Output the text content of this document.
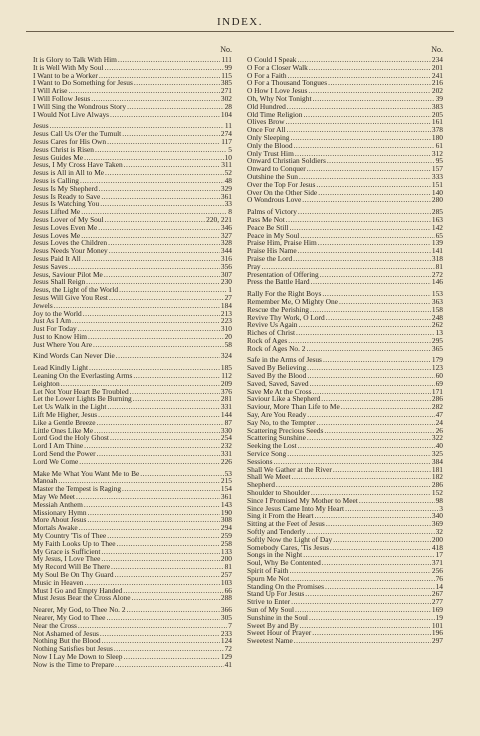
INDEX.
No.
It is Glory to Talk With Him .....	111
It is Well With My Soul .....	99
I Want to be a Worker .....	115
I Want to Do Something for Jesus .....	385
I Will Arise .....	271
I Will Follow Jesus .....	302
I Will Sing the Wondrous Story .....	28
I Would Not Live Always .....	104
Jesus .....	11
Jesus Call Us O'er the Tumult .....	274
Jesus Cares for His Own .....	117
Jesus Christ is Risen .....	5
Jesus Guides Me .....	10
Jesus, I My Cross Have Taken .....	311
Jesus is All in All to Me .....	52
Jesus is Calling .....	48
Jesus Is My Shepherd .....	329
Jesus Is Ready to Save .....	361
Jesus Is Watching You .....	33
Jesus Lifted Me .....	8
Jesus Lover of My Soul .....	220, 221
Jesus Loves Even Me .....	346
Jesus Loves Me .....	327
Jesus Loves the Children .....	328
Jesus Needs Your Money .....	344
Jesus Paid It All .....	316
Jesus Saves .....	356
Jesus, Saviour Pilot Me .....	307
Jesus Shall Reign .....	230
Jesus, the Light of the World .....	1
Jesus Will Give You Rest .....	27
Jewels .....	184
Joy to the World .....	213
Just As I Am .....	223
Just For Today .....	310
Just to Know Him .....	20
Just Where You Are .....	58
Kind Words Can Never Die .....	324
Lead Kindly Light .....	185
Leaning On the Everlasting Arms .....	112
Leighton .....	209
Let Not Your Heart Be Troubled .....	376
Let the Lower Lights Be Burning .....	281
Let Us Walk in the Light .....	331
Lift Me Higher, Jesus .....	144
Like a Gentle Breeze .....	87
Little Ones Like Me .....	330
Lord God the Holy Ghost .....	254
Lord I Am Thine .....	232
Lord Send the Power .....	331
Lord We Come .....	226
Make Me What You Want Me to Be .....	53
Manoah .....	215
Master the Tempest is Raging .....	154
May We Meet .....	361
Messiah Anthem .....	143
Missionary Hymn .....	190
More About Jesus .....	308
Mortals Awake .....	294
My Country 'Tis of Thee .....	259
My Faith Looks Up to Thee .....	258
My Grace is Sufficient .....	133
My Jesus, I Love Thee .....	200
My Record Will Be There .....	81
My Soul Be On Thy Guard .....	257
Music in Heaven .....	103
Must I Go and Empty Handed .....	66
Must Jesus Bear the Cross Alone .....	288
Nearer, My God, to Thee No. 2 .....	366
Nearer, My God to Thee .....	305
Near the Cross .....	7
Not Ashamed of Jesus .....	233
Nothing But the Blood .....	124
Nothing Satisfies but Jesus .....	72
Now I Lay Me Down to Sleep .....	129
Now is the Time to Prepare .....	41
No.
O Could I Speak .....	234
O For a Closer Walk .....	201
O For a Faith .....	241
O For a Thousand Tongues .....	216
O How I Love Jesus .....	202
Oh, Why Not Tonight .....	39
Old Hundred .....	383
Old Time Religion .....	205
Olives Brow .....	161
Once For All .....	378
Only Sleeping .....	180
Only the Blood .....	61
Only Trust Him .....	312
Onward Christian Soldiers .....	95
Onward to Conquer .....	157
Outshine the Sun .....	333
Over the Top For Jesus .....	151
Over On the Other Side .....	140
O Wondrous Love .....	280
Palms of Victory .....	285
Pass Me Not .....	163
Peace Be Still .....	142
Peace in My Soul .....	65
Praise Him, Praise Him .....	139
Praise His Name .....	141
Praise the Lord .....	318
Pray .....	81
Presentation of Offering .....	272
Press the Battle Hard .....	146
Rally For the Right Boys .....	153
Remember Me, O Mighty One .....	363
Rescue the Perishing .....	158
Revive Thy Work, O Lord .....	248
Revive Us Again .....	262
Riches of Christ .....	13
Rock of Ages .....	295
Rock of Ages No. 2 .....	365
Safe in the Arms of Jesus .....	179
Saved By Believing .....	123
Saved By the Blood .....	60
Saved, Saved, Saved .....	69
Save Me At the Cross .....	171
Saviour Like a Shepherd .....	286
Saviour, More Than Life to Me .....	282
Say, Are You Ready .....	47
Say No, to the Tempter .....	24
Scattering Precious Seeds .....	26
Scattering Sunshine .....	322
Seeking the Lost .....	40
Service Song .....	325
Sessions .....	384
Shall We Gather at the River .....	181
Shall We Meet .....	182
Shepherd .....	286
Shoulder to Shoulder .....	152
Since I Promised My Mother to Meet .....	98
Since Jesus Came Into My Heart .....	3
Sing it From the Heart .....	340
Sitting at the Feet of Jesus .....	369
Softly and Tenderly .....	32
Softly Now the Light of Day .....	200
Somebody Cares, 'Tis Jesus .....	418
Songs in the Night .....	17
Soul, Why Be Contented .....	371
Spirit of Faith .....	256
Spurn Me Not .....	76
Standing On the Promises .....	14
Stand Up For Jesus .....	267
Strive to Enter .....	277
Sun of My Soul .....	169
Sunshine in the Soul .....	19
Sweet By and By .....	101
Sweet Hour of Prayer .....	196
Sweetest Name .....	297
